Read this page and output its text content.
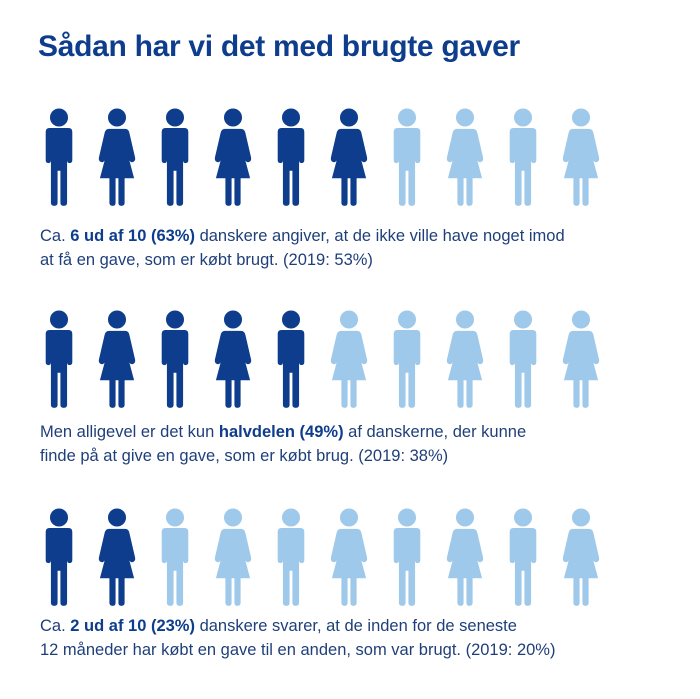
Sådan har vi det med brugte gaver
Ca. 6 ud af 10 (63%) danskere angiver, at de ikke ville have noget imod
at få en gave, som er købt brugt. (2019: 53%)
Men alligevel er det kun halvdelen (49%) af danskerne, der kunne
finde på at give en gave, som er købt brug. (2019: 38%)
Ca. 2 ud af 10 (23%) danskere svarer, at de inden for de seneste
12 måneder har købt en gave til en anden, som var brugt. (2019: 20%)
